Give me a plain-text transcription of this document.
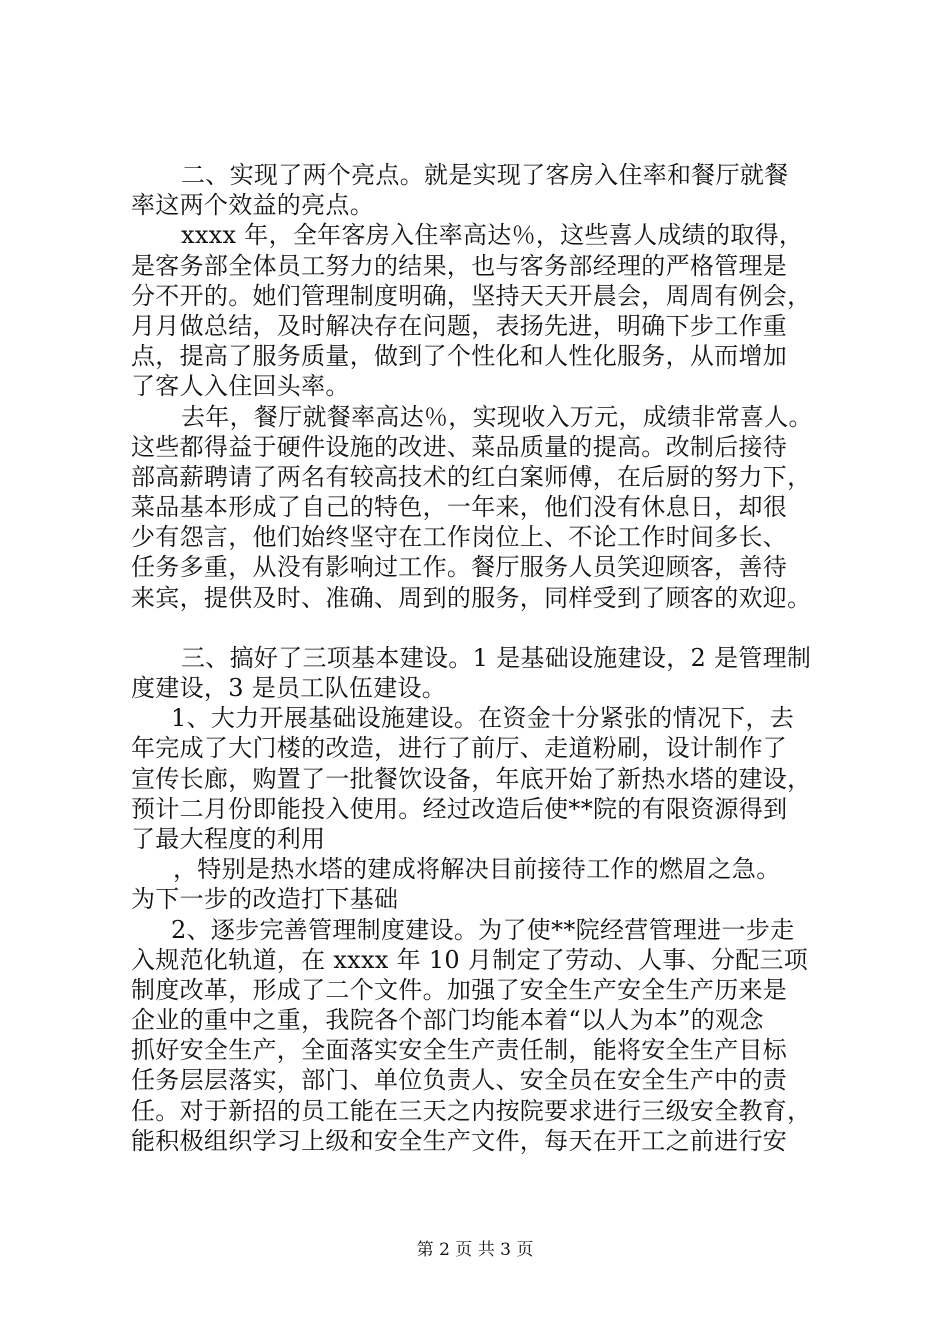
二、实现了两个亮点。就是实现了客房入住率和餐厅就餐
率这两个效益的亮点。
xxxx 年，全年客房入住率高达％，这些喜人成绩的取得，
是客务部全体员工努力的结果，也与客务部经理的严格管理是
分不开的。她们管理制度明确，坚持天天开晨会，周周有例会，
月月做总结，及时解决存在问题，表扬先进，明确下步工作重
点，提高了服务质量，做到了个性化和人性化服务，从而增加
了客人入住回头率。
去年，餐厅就餐率高达％，实现收入万元，成绩非常喜人。
这些都得益于硬件设施的改进、菜品质量的提高。改制后接待
部高薪聘请了两名有较高技术的红白案师傅，在后厨的努力下，
菜品基本形成了自己的特色，一年来，他们没有休息日，却很
少有怨言，他们始终坚守在工作岗位上、不论工作时间多长、
任务多重，从没有影响过工作。餐厅服务人员笑迎顾客，善待
来宾，提供及时、准确、周到的服务，同样受到了顾客的欢迎。
三、搞好了三项基本建设。1 是基础设施建设，2 是管理制
度建设，3 是员工队伍建设。
1、大力开展基础设施建设。在资金十分紧张的情况下，去
年完成了大门楼的改造，进行了前厅、走道粉刷，设计制作了
宣传长廊，购置了一批餐饮设备，年底开始了新热水塔的建设，
预计二月份即能投入使用。经过改造后使**院的有限资源得到
了最大程度的利用
，特别是热水塔的建成将解决目前接待工作的燃眉之急。
为下一步的改造打下基础
2、逐步完善管理制度建设。为了使**院经营管理进一步走
入规范化轨道，在 xxxx 年 10 月制定了劳动、人事、分配三项
制度改革，形成了二个文件。加强了安全生产安全生产历来是
企业的重中之重，我院各个部门均能本着“以人为本”的观念
抓好安全生产，全面落实安全生产责任制，能将安全生产目标
任务层层落实，部门、单位负责人、安全员在安全生产中的责
任。对于新招的员工能在三天之内按院要求进行三级安全教育，
能积极组织学习上级和安全生产文件，每天在开工之前进行安
第 2 页 共 3 页
